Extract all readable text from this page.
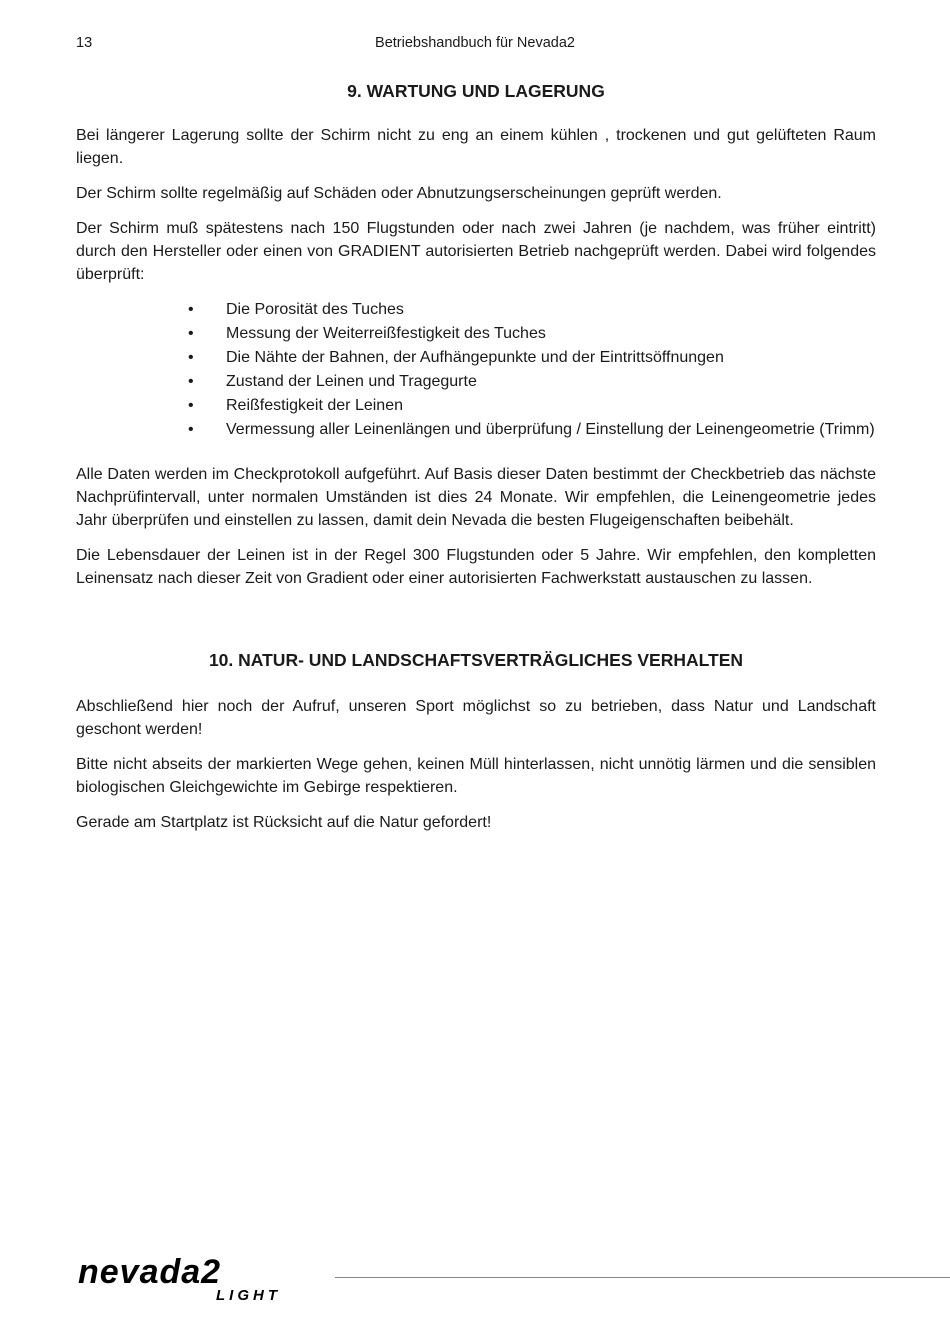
13	Betriebshandbuch für Nevada2
9. WARTUNG UND LAGERUNG

Bei längerer Lagerung sollte der Schirm nicht zu eng an einem kühlen , trockenen und gut gelüfteten Raum liegen.

Der Schirm sollte regelmäßig auf Schäden oder Abnutzungserscheinungen geprüft werden.

Der Schirm muß spätestens nach 150 Flugstunden oder nach zwei Jahren (je nachdem, was früher eintritt) durch den Hersteller oder einen von GRADIENT autorisierten Betrieb nachgeprüft werden. Dabei wird folgendes überprüft:

• Die Porosität des Tuches
• Messung der Weiterreißfestigkeit des Tuches
• Die Nähte der Bahnen, der Aufhängepunkte und der Eintrittsöffnungen
• Zustand der Leinen und Tragegurte
• Reißfestigkeit der Leinen
• Vermessung aller Leinenlängen und überprüfung / Einstellung der Leinengeometrie (Trimm)

Alle Daten werden im Checkprotokoll aufgeführt. Auf Basis dieser Daten bestimmt der Checkbetrieb das nächste Nachprüfintervall, unter normalen Umständen ist dies 24 Monate. Wir empfehlen, die Leinengeometrie jedes Jahr überprüfen und einstellen zu lassen, damit dein Nevada die besten Flugeigenschaften beibehält.

Die Lebensdauer der Leinen ist in der Regel 300 Flugstunden oder 5 Jahre. Wir empfehlen, den kompletten Leinensatz nach dieser Zeit von Gradient oder einer autorisierten Fachwerkstatt austauschen zu lassen.

10. NATUR- UND LANDSCHAFTSVERTRÄGLICHES VERHALTEN

Abschließend hier noch der Aufruf, unseren Sport möglichst so zu betrieben, dass Natur und Landschaft geschont werden!

Bitte nicht abseits der markierten Wege gehen, keinen Müll hinterlassen, nicht unnötig lärmen und die sensiblen biologischen Gleichgewichte im Gebirge respektieren.

Gerade am Startplatz ist Rücksicht auf die Natur gefordert!

nevada2
LIGHT
